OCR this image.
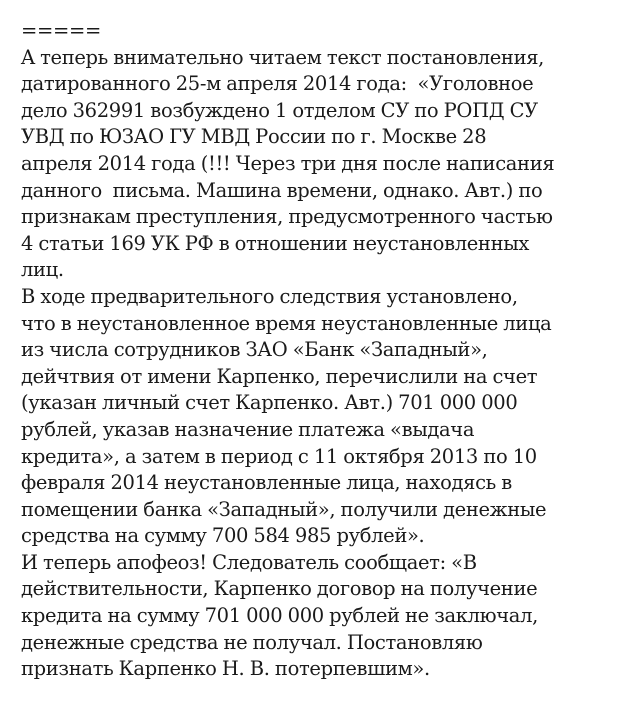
=====
A теперь внимательно читаем текст постановления,
датированного 25-м апреля 2014 года:  «Уголовное
дело 362991 возбуждено 1 отделом СУ по РОПД СУ
УВД по ЮЗАО ГУ МВД России по г. Москве 28
апреля 2014 года (!!! Через три дня после написания
данного  письма. Машина времени, однако. Авт.) по
признакам преступления, предусмотренного частью
4 статьи 169 УК РФ в отношении неустановленных
лиц.
В ходе предварительного следствия установлено,
что в неустановленное время неустановленные лица
из числа сотрудников ЗАО «Банк «Западный»,
дейчтвия от имени Карпенко, перечислили на счет
(указан личный счет Карпенко. Авт.) 701 000 000
рублей, указав назначение платежа «выдача
кредита», а затем в период с 11 октября 2013 по 10
февраля 2014 неустановленные лица, находясь в
помещении банка «Западный», получили денежные
средства на сумму 700 584 985 рублей».
И теперь апофеоз! Следователь сообщает: «В
действительности, Карпенко договор на получение
кредита на сумму 701 000 000 рублей не заключал,
денежные средства не получал. Постановляю
признать Карпенко Н. В. потерпевшим».
